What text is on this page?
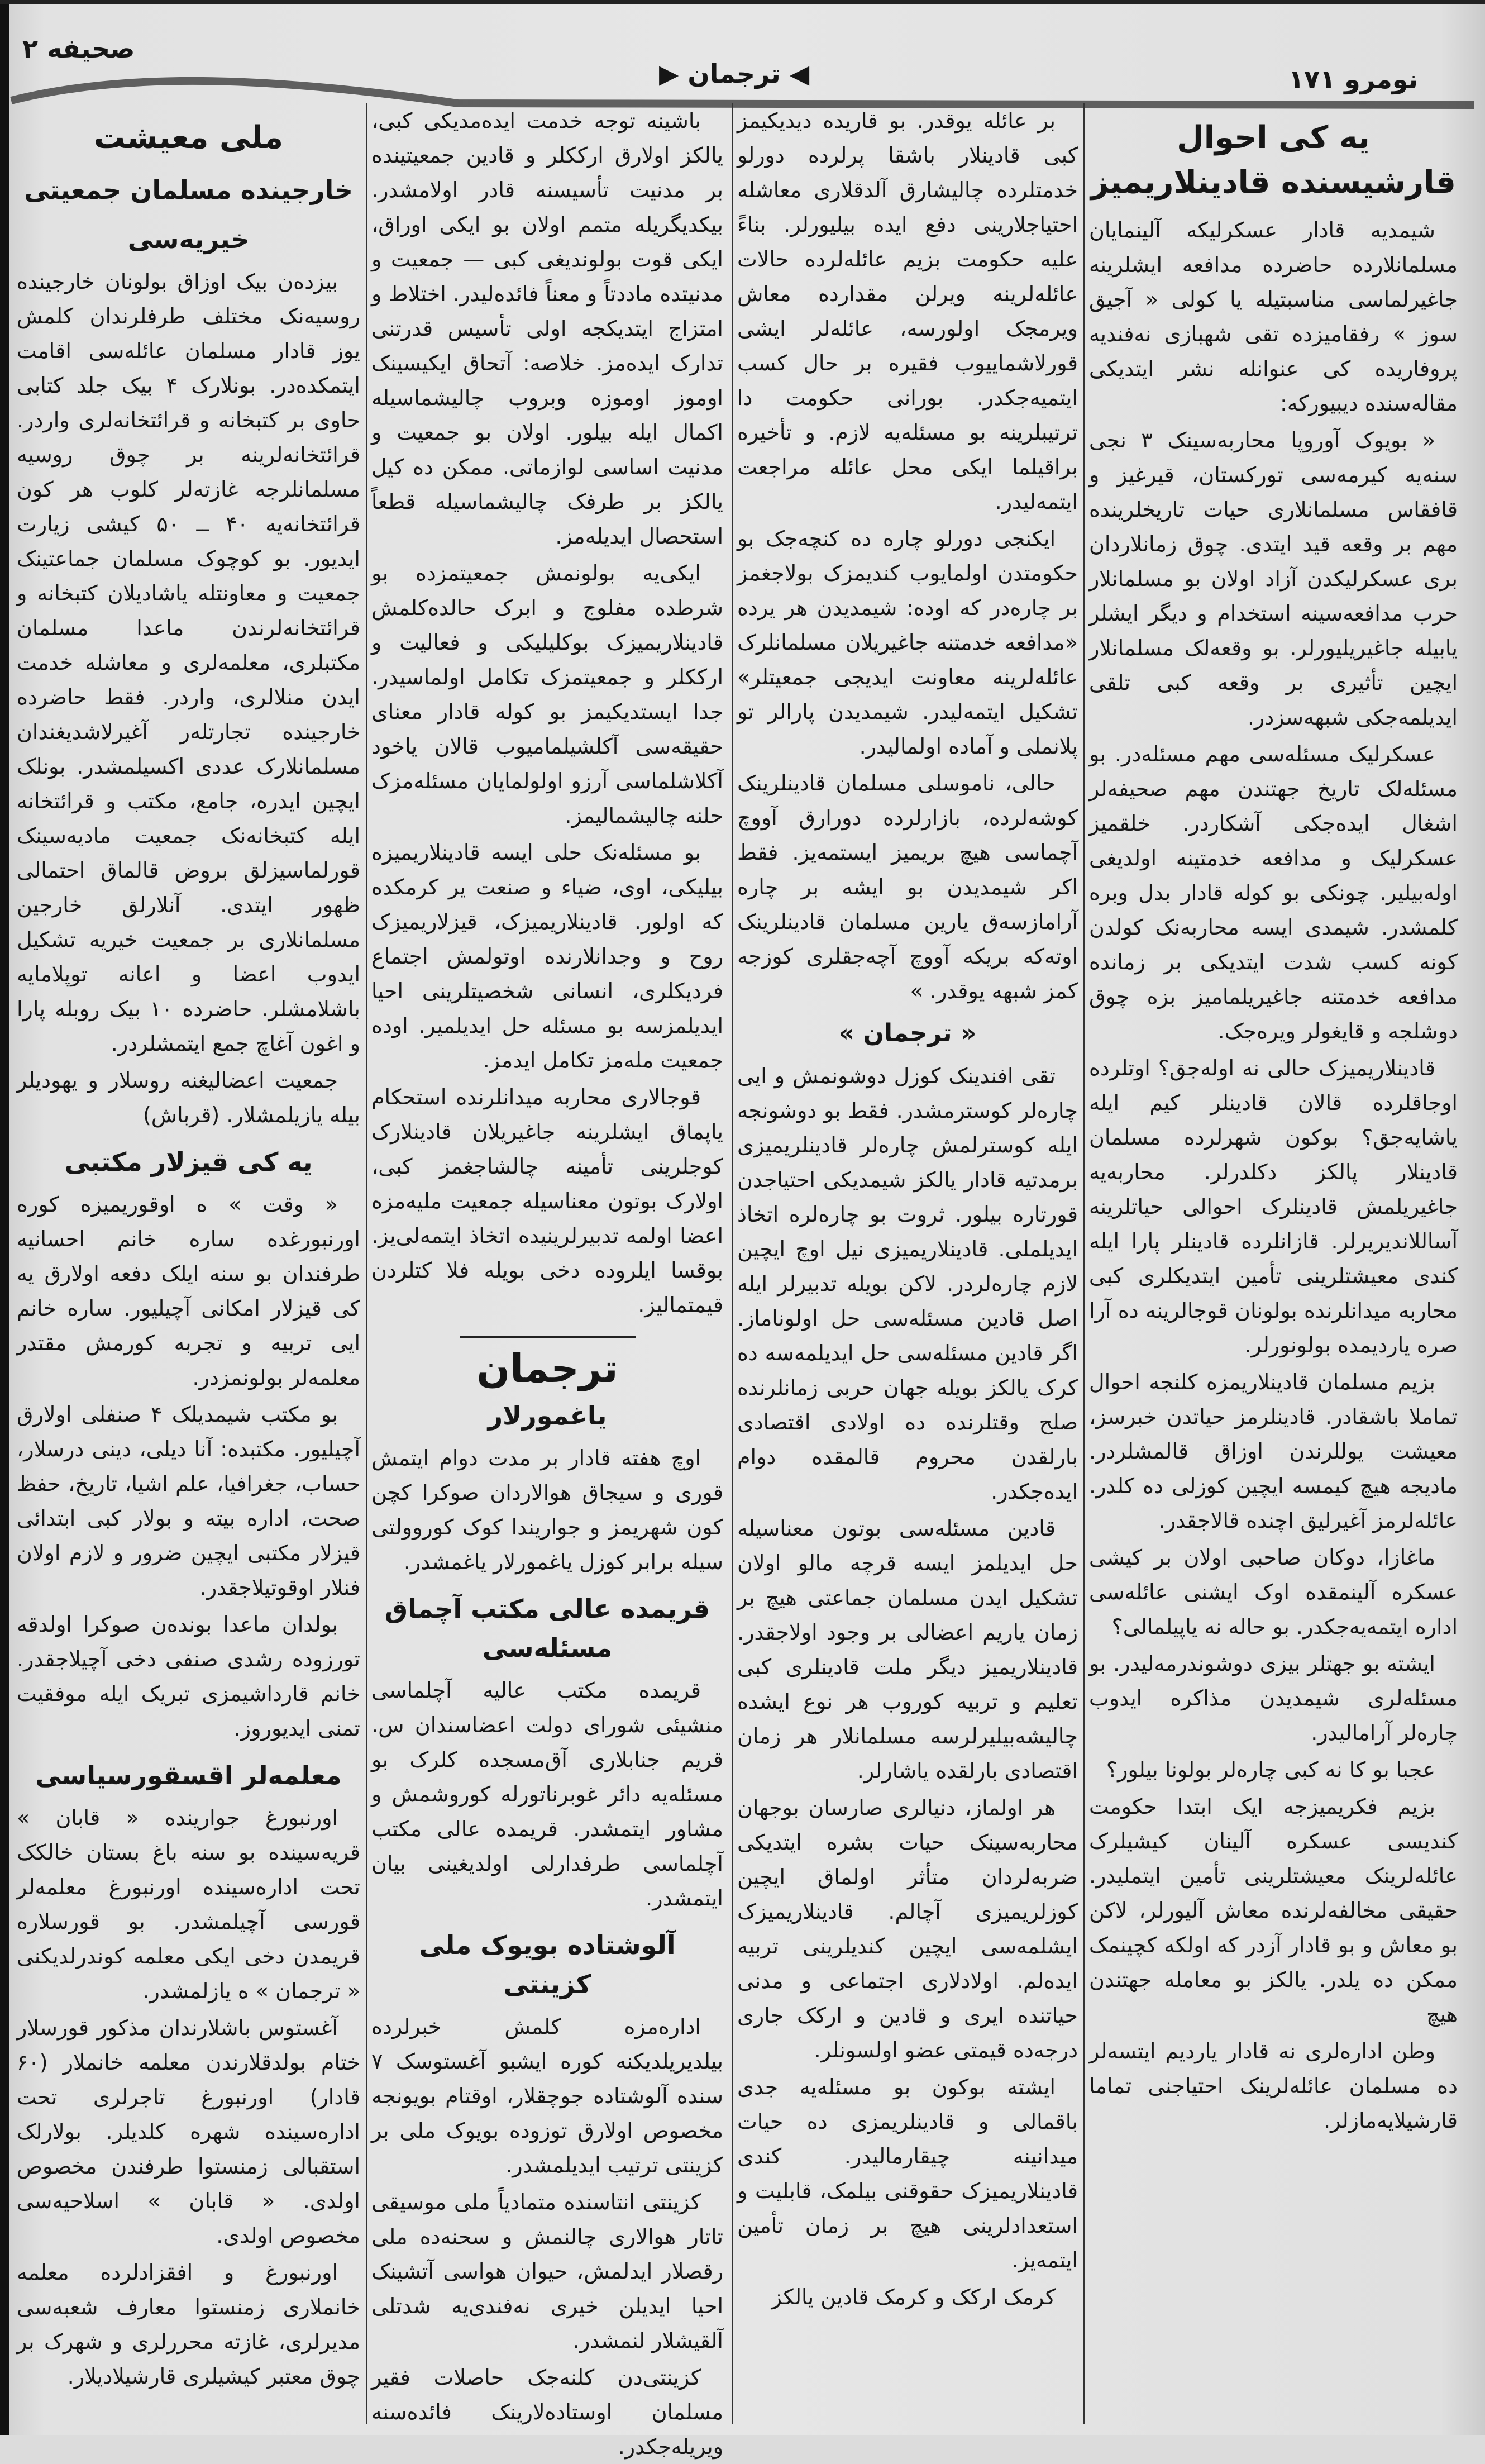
نومرو ۱۷۱
◀ ترجمان ▶
صحیفه ۲
یه کی احوال قارشیسنده قادینلاریمیز

شیمدیه قادار عسکرلیکه آلینمایان مسلمانلارده حاضرده مدافعه ایشلرینه جاغیرلماسی مناسبتیله یا کولی « آجیق سوز » رفقامیزده تقی شهبازی نه‌فندیه پروفاریده کی عنوانله نشر ایتدیکی مقاله‌سنده دیبیورکه:

« بویوک آوروپا محاربه‌سینک ۳ نجی سنه‌یه کیرمه‌سی توركستان، قیرغیز و قافقاس مسلمانلاری حیات تاریخلرینده مهم بر وقعه قید ایتدی. چوق زمانلاردان بری عسکرلیکدن آزاد اولان بو مسلمانلار حرب مدافعه‌سینه استخدام و دیگر ایشلر یابیله جاغیریلیورلر. بو وقعه‌لک مسلمانلار ایچین تأثیری بر وقعه کبی تلقی ایدیلمه‌جکی شبهه‌سزدر.

عسکرلیک مسئله‌سی مهم مسئله‌در. بو مسئله‌لک تاریخ جهتندن مهم صحیفه‌لر اشغال ایده‌جکی آشکاردر. خلقمیز عسکرلیک و مدافعه خدمتینه اولدیغی اوله‌بیلیر. چونکی بو کوله قادار بدل وبره کلمشدر. شیمدی ایسه محاربه‌نک کولدن کونه کسب شدت ایتدیکی بر زمانده مدافعه خدمتنه جاغیریلمامیز بزه چوق دوشلجه و قایغولر ویره‌جک.

قادینلاریمیزک حالی نه اوله‌جق؟ اوتلرده اوجاقلرده قالان قادینلر کیم ایله یاشایه‌جق؟ بوکون شهرلرده مسلمان قادینلار پالکز دکلدرلر. محاربه‌یه جاغیریلمش قادینلرک احوالی حیاتلرینه آساللاندیریرلر. قازانلرده قادینلر پارا ایله کندی معیشتلرینی تأمین ایتدیکلری کبی محاربه میدانلرنده بولونان قوجالرینه ده آرا صره یاردیمده بولونورلر.

بزیم مسلمان قادینلاریمزه کلنجه احوال تماملا باشقادر. قادینلرمز حیاتدن خبرسز، معیشت یوللرندن اوزاق قالمشلردر. مادیجه هیچ کیمسه ایچین کوزلی ده کلدر. عائله‌لرمز آغیرلیق اچنده قالاجقدر.

ماغازا، دوکان صاحبی اولان بر کیشی عسکره آلینمقده اوک ایشنی عائله‌سی اداره ایتمه‌یه‌جکدر. بو حاله نه یاپیلمالی؟

ایشته بو جهتلر بیزی دوشوندرمه‌لیدر. بو مسئله‌لری شیمدیدن مذاکره ایدوب چاره‌لر آرامالیدر.

عجبا بو کا نه کبی چاره‌لر بولونا بیلور؟

بزیم فکریمیزجه ایک ابتدا حکومت کندیسی عسکره آلینان کیشیلرک عائله‌لرینک معیشتلرینی تأمین ایتملیدر. حقیقی مخالفه‌لرنده معاش آلیورلر، لاکن بو معاش و بو قادار آزدر که اولکه کچینمک ممکن ده یلدر. یالکز بو معامله جهتندن هیچ

وطن اداره‌لری نه قادار یاردیم ایتسه‌لر ده مسلمان عائله‌لرینک احتیاجنی تماما قارشیلایه‌مازلر.

بر عائله یوقدر. بو قاریده دیدیکیمز کبی قادینلار باشقا پرلرده دورلو خدمتلرده چالیشارق آلدقلاری معاشله احتیاجلارینی دفع ایده بیلیورلر. بناءً علیه حکومت بزیم عائله‌لرده حالات عائله‌لرینه ویرلن مقدارده معاش ویرمجک اولورسه، عائله‌لر ایشی قورلاشماییوب فقیره بر حال کسب ایتمیه‌جکدر. بورانی حکومت دا ترتیبلرینه بو مسئله‌یه لازم. و تأخیره براقیلما ایکی محل عائله مراجعت ایتمه‌لیدر.

ایکنجی دورلو چاره ده کنچه‌جک بو حکومتدن اولمایوب کندیمزک بولاجغمز بر چاره‌در که اوده: شیمدیدن هر یرده «مدافعه خدمتنه جاغیریلان مسلمانلرک عائله‌لرینه معاونت ایدیجی جمعیتلر» تشکیل ایتمه‌لیدر. شیمدیدن پارالر تو پلانملی و آماده اولمالیدر.

حالی، ناموسلی مسلمان قادینلرینک کوشه‌لرده، بازارلرده دورارق آووچ آچماسی هیچ بریمیز ایستمه‌یز. فقط اکر شیمدیدن بو ایشه بر چاره آرامازسه‌ق یارین مسلمان قادینلرینک اوته‌که بریکه آووچ آچه‌جقلری کوزجه کمز شبهه یوقدر. »

« ترجمان »

تقی افندینک کوزل دوشونمش و ایی چاره‌لر کوسترمشدر. فقط بو دوشونجه ایله کوسترلمش چاره‌لر قادینلریمیزی برمدتیه قادار یالکز شیمدیکی احتیاجدن قورتاره بیلور. ثروت بو چاره‌لره اتخاذ ایدیلملی. قادینلاریمیزی نیل اوچ ایچین لازم چاره‌لردر. لاکن بویله تدبیرلر ایله اصل قادین مسئله‌سی حل اولوناماز. اگر قادین مسئله‌سی حل ایدیلمه‌سه ده کرک یالکز بویله جهان حربی زمانلرنده صلح وقتلرنده ده اولادی اقتصادی بارلقدن محروم قالمقده دوام ایده‌جکدر.

قادین مسئله‌سی بوتون معناسیله حل ایدیلمز ایسه قرچه مالو اولان تشکیل ایدن مسلمان جماعتی هیچ بر زمان یاریم اعضالی بر وجود اولاجقدر. قادینلاریمیز دیگر ملت قادینلری کبی تعلیم و تربیه کوروب هر نوع ایشده چالیشه‌بیلیرلرسه مسلمانلار هر زمان اقتصادی بارلقده یاشارلر.

هر اولماز، دنیالری صارسان بوجهان محاربه‌سینک حیات بشره ایتدیکی ضربه‌لردان متأثر اولماق ایچین کوزلریمیزی آچالم. قادینلاریمیزک ایشلمه‌سی ایچین کندیلرینی تربیه ایده‌لم. اولادلاری اجتماعی و مدنی حیاتنده ایری و قادین و ارکک جاری درجه‌ده قیمتی عضو اولسونلر.

ایشته بوکون بو مسئله‌یه جدی باقمالی و قادینلریمزی ده حیات میدانینه چیقارمالیدر. کندی قادینلاریمیزک حقوقنی بیلمک، قابلیت و استعدادلرینی هیچ بر زمان تأمین ایتمه‌یز.

کرمک ارکک و کرمک قادین یالکز

باشینه توجه خدمت ایده‌مدیکی کبی، یالکز اولارق ارککلر و قادین جمعیتینده بر مدنیت تأسیسنه قادر اولامشدر. بیکدیگریله متمم اولان بو ایکی اوراق، ایکی قوت بولوندیغی کبی — جمعیت و مدنیتده ماددتاً و معناً فائده‌لیدر. اختلاط و امتزاج ایتدیکجه اولی تأسیس قدرتنی تدارک ایده‌مز. خلاصه: آتحاق ایکیسینک اوموز اوموزه وبروب چالیشماسیله اکمال ایله بیلور. اولان بو جمعیت و مدنیت اساسی لوازماتی. ممکن ده کیل یالکز بر طرفک چالیشماسیله قطعاً استحصال ایدیله‌مز.

ایکی‌یه بولونمش جمعیتمزده بو شرطده مفلوج و ابرک حالده‌کلمش قادینلاریمیزک بوکلیلیکی و فعالیت و ارککلر و جمعیتمزک تکامل اولماسیدر. جدا ایستدیکیمز بو کوله قادار معنای حقیقه‌سی آکلشیلمامیوب قالان یاخود آکلاشلماسی آرزو اولولمایان مسئله‌مزک حلنه چالیشمالیمز.

بو مسئله‌نک حلی ایسه قادینلاریمیزه بیلیکی، اوی، ضیاء و صنعت یر کرمکده که اولور. قادینلاریمیزک، قیزلاریمیزک روح و وجدانلارنده اوتولمش اجتماع فردیکلری، انسانی شخصیتلرینی احیا ایدیلمزسه بو مسئله حل ایدیلمیر. اوده جمعیت مله‌مز تکامل ایدمز.

قوجالاری محاربه میدانلرنده استحکام یاپماق ایشلرینه جاغیریلان قادینلارک کوجلرینی تأمینه چالشاجغمز کبی، اولارک بوتون معناسیله جمعیت ملیه‌مزه اعضا اولمه تدبیرلرینیده اتخاذ ایتمه‌لی‌یز. بوقسا ایلروده دخی بویله فلا کتلردن قیمتمالیز.

ترجمان
یاغمورلار

اوچ هفته قادار بر مدت دوام ایتمش قوری و سیجاق هوالاردان صوکرا کچن کون شهریمز و جواریندا کوک کوروولتی سیله برابر کوزل یاغمورلار یاغمشدر.

قریمده عالی مکتب آچماق مسئله‌سی

قریمده مکتب عالیه آچلماسی منشیئی شورای دولت اعضاسندان س. قریم جنابلاری آق‌مسجده کلرک بو مسئله‌یه دائر غوبرناتورله کوروشمش و مشاور ایتمشدر. قریمده عالی مکتب آچلماسی طرفدارلی اولدیغینی بیان ایتمشدر.

آلوشتاده بویوک ملی کزینتی

اداره‌مزه کلمش خبرلرده بیلدیریلدیکنه کوره ایشبو آغستوسک ۷ سنده آلوشتاده جوچقلار، اوقتام بویونجه مخصوص اولارق توزوده بویوک ملی بر کزینتی ترتیب ایدیلمشدر.

کزینتی انتاسنده متمادیاً ملی موسیقی تاتار هوالاری چالنمش و سحنه‌ده ملی رقصلار ایدلمش، حیوان هواسی آتشینک احیا ایدیلن خیری نه‌فندی‌یه شدتلی آلقیشلار لنمشدر.

کزینتی‌دن کلنه‌جک حاصلات فقیر مسلمان اوستاده‌لارینک فائده‌سنه ویریله‌جکدر.

ملی معیشت
خارجینده مسلمان جمعیتی
خیریه‌سی

بیزده‌ن بیک اوزاق بولونان خارجینده روسیه‌نک مختلف طرفلرندان کلمش یوز قادار مسلمان عائله‌سی اقامت ایتمکده‌در. بونلارک ۴ بیک جلد کتابی حاوی بر کتبخانه و قرائتخانه‌لری واردر. قرائتخانه‌لرینه بر چوق روسیه مسلمانلرجه غازته‌لر کلوب هر کون قرائتخانه‌یه ۴۰ ــ ۵۰ کیشی زیارت ایدیور. بو کوچوک مسلمان جماعتینک جمعیت و معاونتله یاشادیلان کتبخانه و قرائتخانه‌لرندن ماعدا مسلمان مکتبلری، معلمه‌لری و معاشله خدمت ایدن منلالری، واردر. فقط حاضرده خارجینده تجارتله‌ر آغیرلاشدیغندان مسلمانلارک عددی اکسیلمشدر. بونلک ایچین ایدره، جامع، مکتب و قرائتخانه ایله کتبخانه‌نک جمعیت مادیه‌سینک قورلماسیزلق بروض قالماق احتمالی ظهور ایتدی. آنلارلق خارجین مسلمانلاری بر جمعیت خیریه تشکیل ایدوب اعضا و اعانه توپلامایه باشلامشلر. حاضرده ۱۰ بیک روبله پارا و اغون آغاچ جمع ایتمشلردر.

جمعیت اعضالیغنه روسلار و یهودیلر بیله یازیلمشلار. (قرباش)

یه کی قیزلار مکتبی

« وقت » ه اوقوریمیزه کوره اورنبورغده ساره خانم احسانیه طرفندان بو سنه ایلک دفعه اولارق یه کی قیزلار امکانی آچیلیور. ساره خانم ایی تربیه و تجربه کورمش مقتدر معلمه‌لر بولونمزدر.

بو مکتب شیمدیلک ۴ صنفلی اولارق آچیلیور. مکتبده: آنا دیلی، دینی درسلار، حساب، جغرافیا، علم اشیا، تاریخ، حفظ صحت، اداره بیته و بولار کبی ابتدائی قیزلار مکتبی ایچین ضرور و لازم اولان فنلار اوقوتیلاجقدر.

بولدان ماعدا بونده‌ن صوکرا اولدقه تورزوده رشدی صنفی دخی آچیلاجقدر. خانم قارداشیمزی تبریک ایله موفقیت تمنی ایدیوروز.

معلمه‌لر اقسقورسیاسی

اورنبورغ جوارینده « قابان » قریه‌سینده بو سنه باغ بستان خالکک تحت اداره‌سینده اورنبورغ معلمه‌لر قورسی آچیلمشدر. بو قورسلاره قریمدن دخی ایکی معلمه کوندرلدیکنی « ترجمان » ه یازلمشدر.

آغستوس باشلارندان مذکور قورسلار ختام بولدقلارندن معلمه خانملار (۶۰ قادار) اورنبورغ تاجرلری تحت اداره‌سینده شهره کلدیلر. بولارلک استقبالی زمنستوا طرفندن مخصوص اولدی. « قابان » اسلاحیه‌سی مخصوص اولدی.

اورنبورغ و افقزادلرده معلمه خانملاری زمنستوا معارف شعبه‌سی مدیرلری، غازته محررلری و شهرک بر چوق معتبر کیشیلری قارشیلادیلار.
